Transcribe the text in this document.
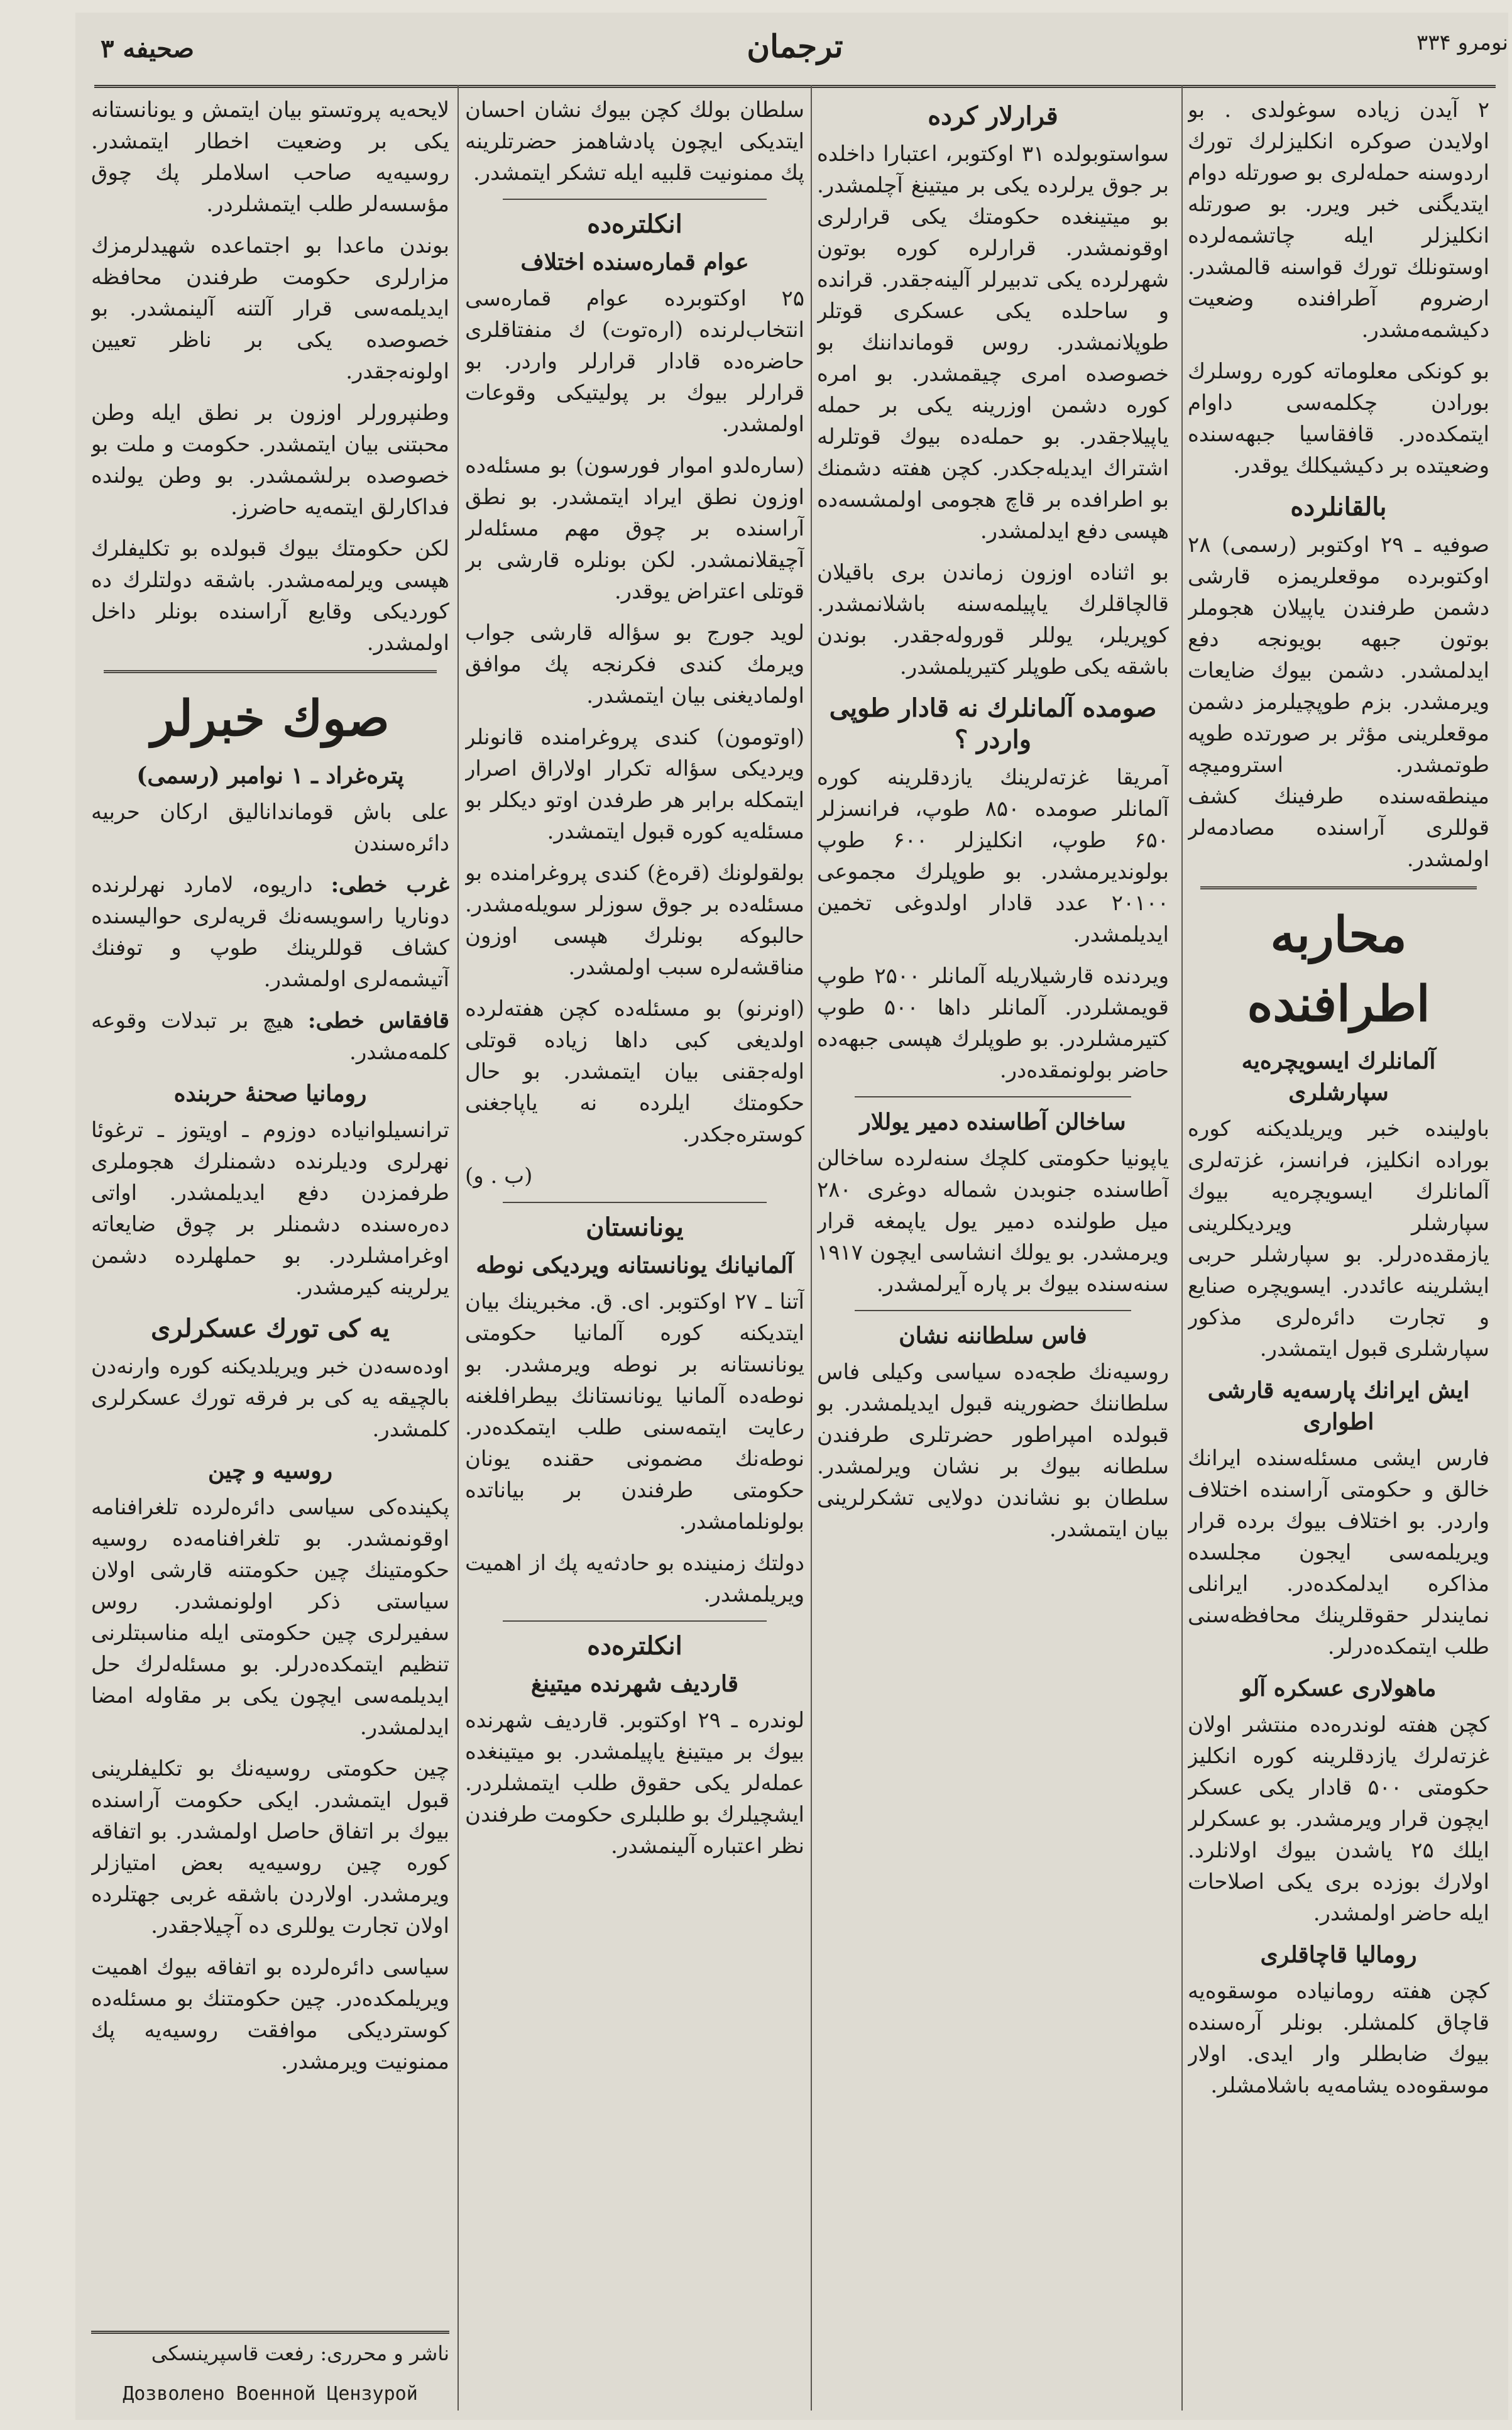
نومرو ۳۳۴
ترجمان
صحيفه ۳

۲ آيدن زياده سوغولدى . بو اولايدن صوكره انكليزلرك تورك اردوسنه حمله‌لرى بو صورتله دوام ايتديگنى خبر ويرر. بو صورتله انكليزلر ايله چاتشمه‌لرده اوستونلك تورك قواسنه قالمشدر. ارضروم آطرافنده وضعيت دكيشمه‌مشدر.

بو كونكى معلوماته كوره روسلرك بورادن چكلمه‌سى داوام ايتمكده‌در. قافقاسيا جبهه‌سنده وضعيتده بر دكيشيكلك يوقدر.

بالقانلرده

صوفيه ـ ۲۹ اوكتوبر (رسمى) ۲۸ اوكتوبرده موقعلريمزه قارشى دشمن طرفندن ياپيلان هجوملر بوتون جبهه بويونجه دفع ايدلمشدر. دشمن بيوك ضايعات ويرمشدر. بزم طوپچيلرمز دشمن موقعلرينى مؤثر بر صورتده طوپه طوتمشدر. استروميچه مينطقه‌سنده طرفينك كشف قوللرى آراسنده مصادمه‌لر اولمشدر.

محاربه اطرافنده
آلمانلرك ايسويچره‌يه سپارشلرى

باولينده خبر ويريلديكنه كوره بوراده انكليز، فرانسز، غزته‌لرى آلمانلرك ايسويچره‌يه بيوك سپارشلر ويرديكلرينى يازمقده‌درلر. بو سپارشلر حربى ايشلرينه عائددر. ايسويچره صنايع و تجارت دائره‌لرى مذكور سپارشلرى قبول ايتمشدر.

ايش ايرانك پارسه‌يه قارشى اطوارى

فارس ايشى مسئله‌سنده ايرانك خالق و حكومتى آراسنده اختلاف واردر. بو اختلاف بيوك برده قرار ويريلمه‌سى ايجون مجلسده مذاكره ايدلمكده‌در. ايرانلى نمايندلر حقوقلرينك محافظه‌سنى طلب ايتمكده‌درلر.

ماهولارى عسكره آلو

كچن هفته لوندره‌ده منتشر اولان غزته‌لرك يازدقلرينه كوره انكليز حكومتى ۵۰۰ قادار يكى عسكر ايچون قرار ويرمشدر. بو عسكرلر ايلك ۲۵ ياشدن بيوك اولانلرد. اولارك بوزده برى يكى اصلاحات ايله حاضر اولمشدر.

روماليا قاچاقلرى

كچن هفته رومانياده موسقوه‌يه قاچاق كلمشلر. بونلر آره‌سنده بيوك ضابطلر وار ايدى. اولار موسقوه‌ده يشامه‌يه باشلامشلر.

قرارلار كرده

سواستوبولده ۳۱ اوكتوبر، اعتبارا داخلده بر جوق يرلرده يكى بر ميتينغ آچلمشدر. بو ميتينغده حكومتك يكى قرارلرى اوقونمشدر. قرارلره كوره بوتون شهرلرده يكى تدبيرلر آلينه‌جقدر. قرانده و ساحلده يكى عسكرى قوتلر طوپلانمشدر. روس قومانداننك بو خصوصده امرى چيقمشدر. بو امره كوره دشمن اوزرينه يكى بر حمله ياپيلاجقدر. بو حمله‌ده بيوك قوتلرله اشتراك ايديله‌جكدر. كچن هفته دشمنك بو اطرافده بر قاچ هجومى اولمشسه‌ده هپسى دفع ايدلمشدر.

بو اثناده اوزون زماندن برى باقيلان قالچاقلرك ياپيلمه‌سنه باشلانمشدر. كوپريلر، يوللر قوروله‌جقدر. بوندن باشقه يكى طوپلر كتيريلمشدر.

صومده آلمانلرك نه قادار طوپى واردر ؟

آمريقا غزته‌لرينك يازدقلرينه كوره آلمانلر صومده ۸۵۰ طوپ، فرانسزلر ۶۵۰ طوپ، انكليزلر ۶۰۰ طوپ بولونديرمشدر. بو طوپلرك مجموعى ۲۰۱۰۰ عدد قادار اولدوغى تخمين ايديلمشدر.

ويردنده قارشيلاريله آلمانلر ۲۵۰۰ طوپ قويمشلردر. آلمانلر داها ۵۰۰ طوپ كتيرمشلردر. بو طوپلرك هپسى جبهه‌ده حاضر بولونمقده‌در.

ساخالن آطاسنده دمير يوللار

ياپونيا حكومتى كلچك سنه‌لرده ساخالن آطاسنده جنوبدن شماله دوغرى ۲۸۰ ميل طولنده دمير يول ياپمغه قرار ويرمشدر. بو يولك انشاسى ايچون ۱۹۱۷ سنه‌سنده بيوك بر پاره آيرلمشدر.

فاس سلطاننه نشان

روسيه‌نك طجه‌ده سياسى وكيلى فاس سلطاننك حضورينه قبول ايديلمشدر. بو قبولده امپراطور حضرتلرى طرفندن سلطانه بيوك بر نشان ويرلمشدر. سلطان بو نشاندن دولايى تشكرلرينى بيان ايتمشدر.

سلطان بولك كچن بيوك نشان احسان ايتديكى ايچون پادشاهمز حضرتلرينه پك ممنونيت قلبيه ايله تشكر ايتمشدر.

انكلتره‌ده
عوام قمارەسنده اختلاف

۲۵ اوكتوبرده عوام قمارەسى انتخاب‌لرنده (ارەتوت) ك منفتاقلرى حاضره‌ده قادار قرارلر واردر. بو قرارلر بيوك بر پوليتيكى وقوعات اولمشدر.

(سارەلدو اموار فورسون) بو مسئله‌ده اوزون نطق ايراد ايتمشدر. بو نطق آراسنده بر چوق مهم مسئله‌لر آچيقلانمشدر. لكن بونلره قارشى بر قوتلى اعتراض يوقدر.

لويد جورج بو سؤاله قارشى جواب ويرمك كندى فكرنجه پك موافق اولماديغنى بيان ايتمشدر.

(اوتومون) كندى پروغرامنده قانونلر ويرديكى سؤاله تكرار اولاراق اصرار ايتمكله برابر هر طرفدن اوتو ديكلر بو مسئله‌يه كوره قبول ايتمشدر.

بولقولونك (قرەغ) كندى پروغرامنده بو مسئله‌ده بر جوق سوزلر سويلەمشدر. حالبوكه بونلرك هپسى اوزون مناقشه‌لره سبب اولمشدر.

(اونرنو) بو مسئله‌ده كچن هفته‌لرده اولديغى كبى داها زياده قوتلى اوله‌جقنى بيان ايتمشدر. بو حال حكومتك ايلرده نه ياپاجغنى كوسترەجكدر.

(ب . و)

يونانستان
آلمانيانك يونانستانه ويرديكى نوطه

آتنا ـ ۲۷ اوكتوبر. اى. ق. مخبرينك بيان ايتديكنه كوره آلمانيا حكومتى يونانستانه بر نوطه ويرمشدر. بو نوطه‌ده آلمانيا يونانستانك بيطرافلغنه رعايت ايتمه‌سنى طلب ايتمكده‌در. نوطه‌نك مضمونى حقنده يونان حكومتى طرفندن بر بياناتده بولونلمامشدر.

دولتك زمنينده بو حادثه‌يه پك از اهميت ويريلمشدر.

انكلتره‌ده
قارديف شهرنده ميتينغ

لوندره ـ ۲۹ اوكتوبر. قارديف شهرنده بيوك بر ميتينغ ياپيلمشدر. بو ميتينغده عمله‌لر يكى حقوق طلب ايتمشلردر. ايشچيلرك بو طلبلرى حكومت طرفندن نظر اعتباره آلينمشدر.

لايحه‌يه پروتستو بيان ايتمش و يونانستانه يكى بر وضعيت اخطار ايتمشدر. روسيه‌يه صاحب اسلاملر پك چوق مؤسسه‌لر طلب ايتمشلردر.

بوندن ماعدا بو اجتماعده شهيدلرمزك مزارلرى حكومت طرفندن محافظه ايديلمه‌سى قرار آلتنه آلينمشدر. بو خصوصده يكى بر ناظر تعيين اولونه‌جقدر.

وطنپرورلر اوزون بر نطق ايله وطن محبتنى بيان ايتمشدر. حكومت و ملت بو خصوصده برلشمشدر. بو وطن يولنده فداكارلق ايتمه‌يه حاضرز.

لكن حكومتك بيوك قبولده بو تكليفلرك هپسى ويرلمه‌مشدر. باشقه دولتلرك ده كورديكى وقايع آراسنده بونلر داخل اولمشدر.

صوك خبرلر
پترەغراد ـ ۱ نوامبر (رسمى)

على باش قومانداناليق اركان حربيه دائره‌سندن

غرب خطى: داريوه، لامارد نهرلرنده دوناريا راسويسه‌نك قريه‌لرى حواليسنده كشاف قوللرينك طوپ و توفنك آتيشمه‌لرى اولمشدر.

قافقاس خطى: هيچ بر تبدلات وقوعه كلمه‌مشدر.

رومانيا صحنهٔ حربنده

ترانسيلوانياده دوزوم ـ اويتوز ـ ترغوئا نهرلرى وديلرنده دشمنلرك هجوملرى طرفمزدن دفع ايديلمشدر. اواتى دەرەسنده دشمنلر بر چوق ضايعاته اوغرامشلردر. بو حملهلرده دشمن يرلرينه كيرمشدر.

يه كى تورك عسكرلرى

اودەسەدن خبر ويريلديكنه كوره وارنه‌دن بالچيقه يه كى بر فرقه تورك عسكرلرى كلمشدر.

روسيه و چين

پكينده‌كى سياسى دائره‌لرده تلغرافنامه اوقونمشدر. بو تلغرافنامه‌ده روسيه حكومتينك چين حكومتنه قارشى اولان سياستى ذكر اولونمشدر. روس سفيرلرى چين حكومتى ايله مناسبتلرنى تنظيم ايتمكده‌درلر. بو مسئله‌لرك حل ايديلمه‌سى ايچون يكى بر مقاوله امضا ايدلمشدر.

چين حكومتى روسيه‌نك بو تكليفلرينى قبول ايتمشدر. ايكى حكومت آراسنده بيوك بر اتفاق حاصل اولمشدر. بو اتفاقه كوره چين روسيه‌يه بعض امتيازلر ويرمشدر. اولاردن باشقه غربى جهتلرده اولان تجارت يوللرى ده آچيلاجقدر.

سياسى دائره‌لرده بو اتفاقه بيوك اهميت ويريلمكده‌در. چين حكومتنك بو مسئله‌ده كوسترديكى موافقت روسيه‌يه پك ممنونيت ويرمشدر.

ناشر و محررى: رفعت قاسپرينسكى
Дозволено Военной Цензурой
